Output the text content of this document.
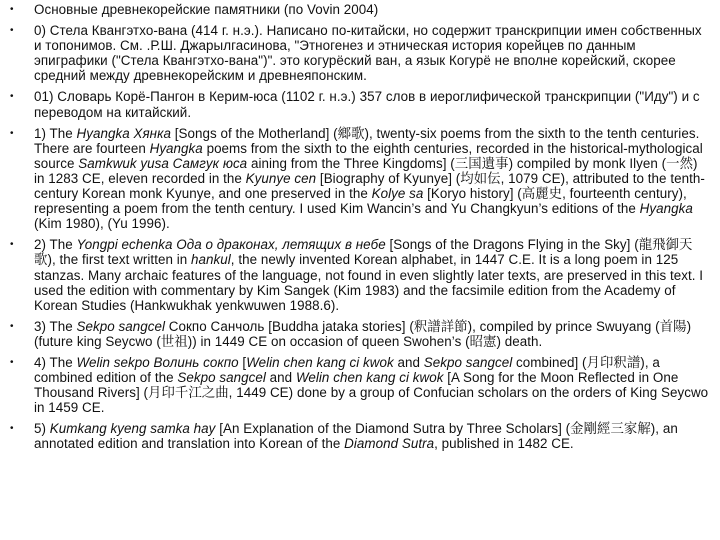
•	Основные древнекорейские памятники (по Vovin 2004)
•	0) Стела Квангэтхо-вана (414 г. н.э.). Написано по-китайски, но содержит транскрипции имен собственных и топонимов. См. .Р.Ш. Джарылгасинова, "Этногенез и этническая история корейцев по данным эпиграфики ("Стела Квангэтхо-вана")". это когурёский ван, а язык Когурё не вполне корейский, скорее средний между древнекорейским и древнеяпонским.
•	01) Словарь Корё-Пангон в Керим-юса (1102 г. н.э.) 357 слов в иероглифической транскрипции ("Иду") и с переводом на китайский.
•	1) The Hyangka Хянка [Songs of the Motherland] (鄉歌), twenty-six poems from the sixth to the tenth centuries. There are fourteen Hyangka poems from the sixth to the eighth centuries, recorded in the historical-mythological source Samkwuk yusa Самгук юса aining from the Three Kingdoms] (三国遺事) compiled by monk Ilyen (一然) in 1283 CE, eleven recorded in the Kyunye cen [Biography of Kyunye] (均如伝, 1079 CE), attributed to the tenth-century Korean monk Kyunye, and one preserved in the Kolye sa [Koryo history] (高麗史, fourteenth century), representing a poem from the tenth century. I used Kim Wancin’s and Yu Changkyun’s editions of the Hyangka (Kim 1980), (Yu 1996).
•	2) The Yongpi echenka Ода о драконах, летящих в небе [Songs of the Dragons Flying in the Sky] (龍飛御天歌), the first text written in hankul, the newly invented Korean alphabet, in 1447 C.E. It is a long poem in 125 stanzas. Many archaic features of the language, not found in even slightly later texts, are preserved in this text. I used the edition with commentary by Kim Sangek (Kim 1983) and the facsimile edition from the Academy of Korean Studies (Hankwukhak yenkwuwen 1988.6).
•	3) The Sekpo sangcel Сокпо Санчоль [Buddha jataka stories] (釈譜詳節), compiled by prince Swuyang (首陽) (future king Seycwo (世祖)) in 1449 CE on occasion of queen Swohen’s (昭憲) death.
•	4) The Welin sekpo Волинь сокпо [Welin chen kang ci kwok and Sekpo sangcel combined] (月印釈譜), a combined edition of the Sekpo sangcel and Welin chen kang ci kwok [A Song for the Moon Reflected in One Thousand Rivers] (月印千江之曲, 1449 CE) done by a group of Confucian scholars on the orders of King Seycwo in 1459 CE.
•	5) Kumkang kyeng samka hay [An Explanation of the Diamond Sutra by Three Scholars] (金剛經三家解), an annotated edition and translation into Korean of the Diamond Sutra, published in 1482 CE.
